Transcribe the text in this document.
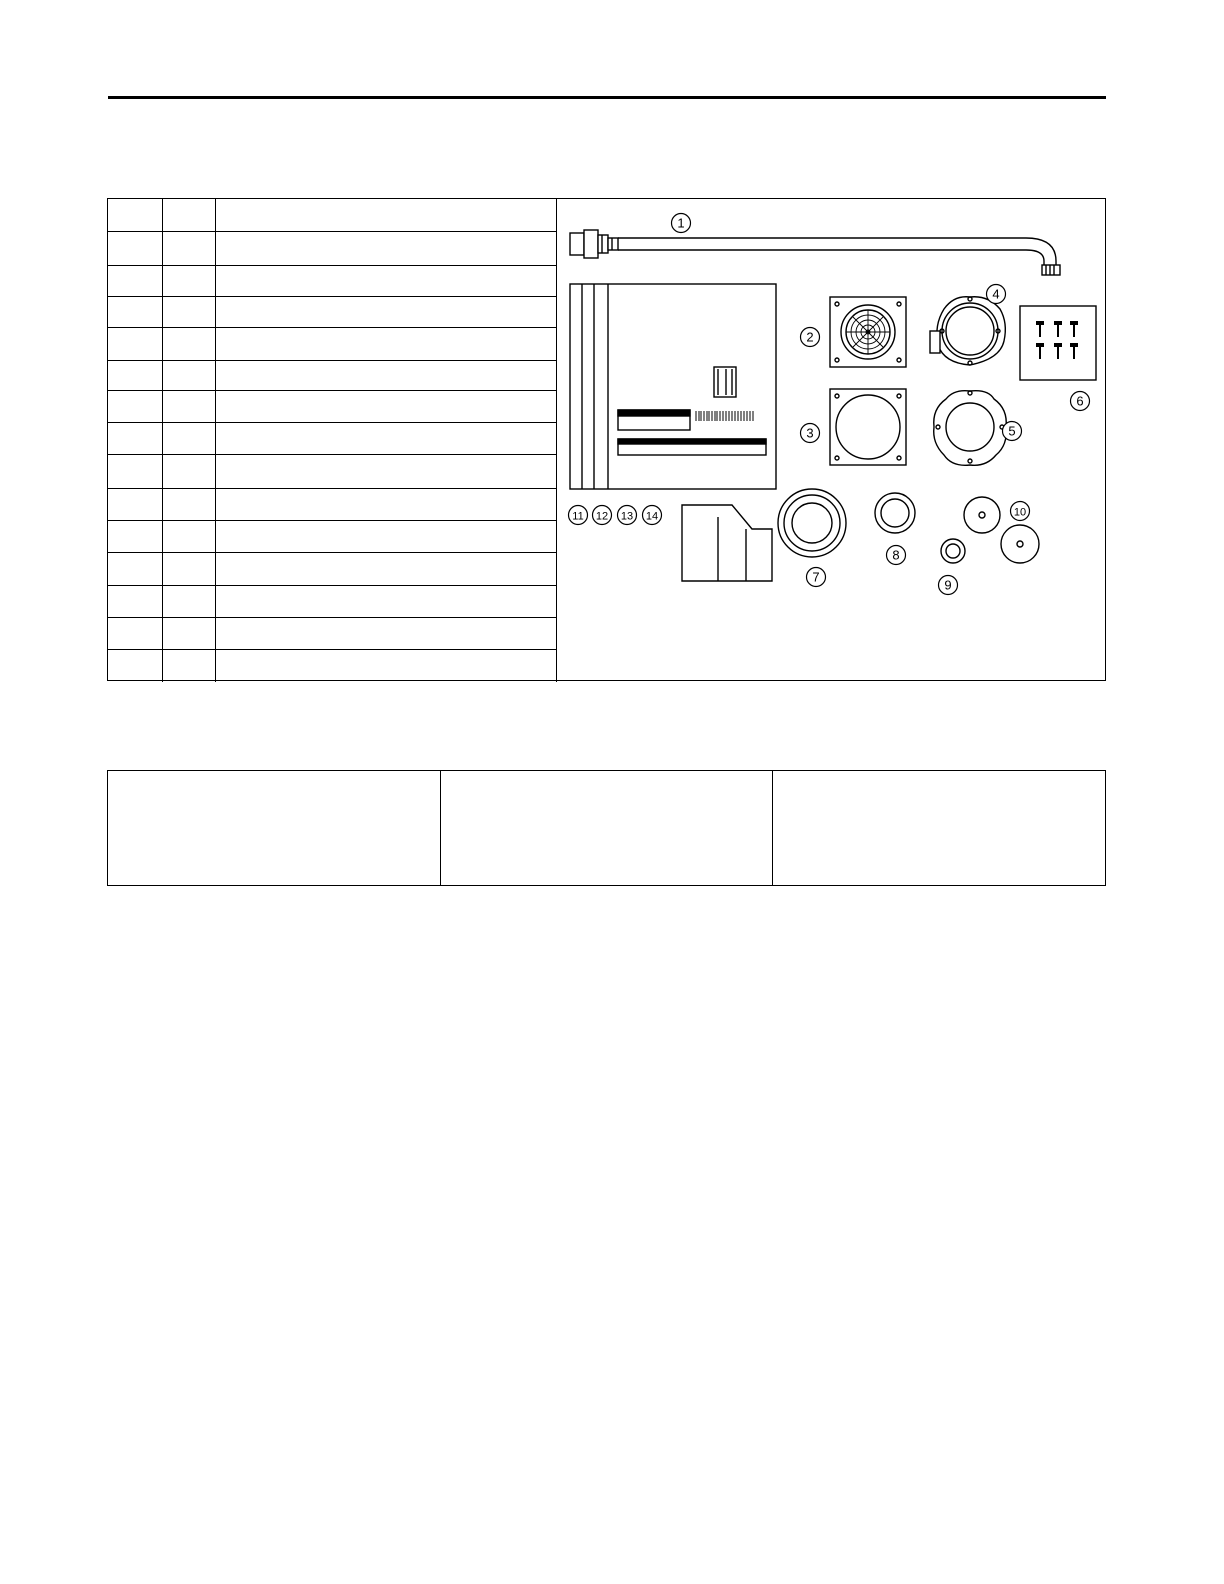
1
2
3
4
5
6
7
8
9
10
11 12 13 14
